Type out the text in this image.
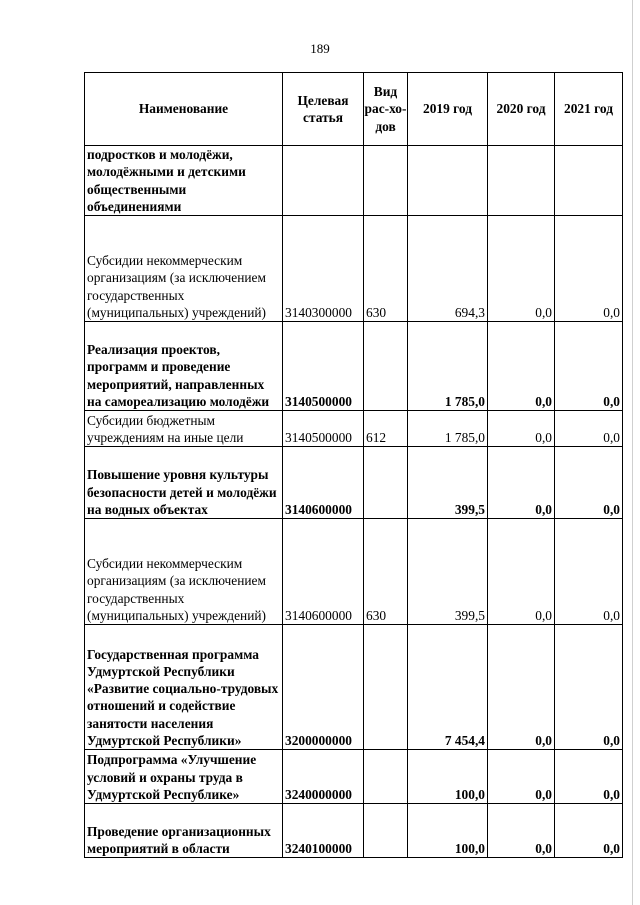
189
Наименование	Целевая статья	Вид рас-хо-дов	2019 год	2020 год	2021 год
подростков и молодёжи, молодёжными и детскими общественными объединениями					
Субсидии некоммерческим организациям (за исключением государственных (муниципальных) учреждений)	3140300000	630	694,3	0,0	0,0
Реализация проектов, программ и проведение мероприятий, направленных на самореализацию молодёжи	3140500000		1 785,0	0,0	0,0
Субсидии бюджетным учреждениям на иные цели	3140500000	612	1 785,0	0,0	0,0
Повышение уровня культуры безопасности детей и молодёжи на водных объектах	3140600000		399,5	0,0	0,0
Субсидии некоммерческим организациям (за исключением государственных (муниципальных) учреждений)	3140600000	630	399,5	0,0	0,0
Государственная программа Удмуртской Республики «Развитие социально-трудовых отношений и содействие занятости населения Удмуртской Республики»	3200000000		7 454,4	0,0	0,0
Подпрограмма «Улучшение условий и охраны труда в Удмуртской Республике»	3240000000		100,0	0,0	0,0
Проведение организационных мероприятий в области	3240100000		100,0	0,0	0,0
